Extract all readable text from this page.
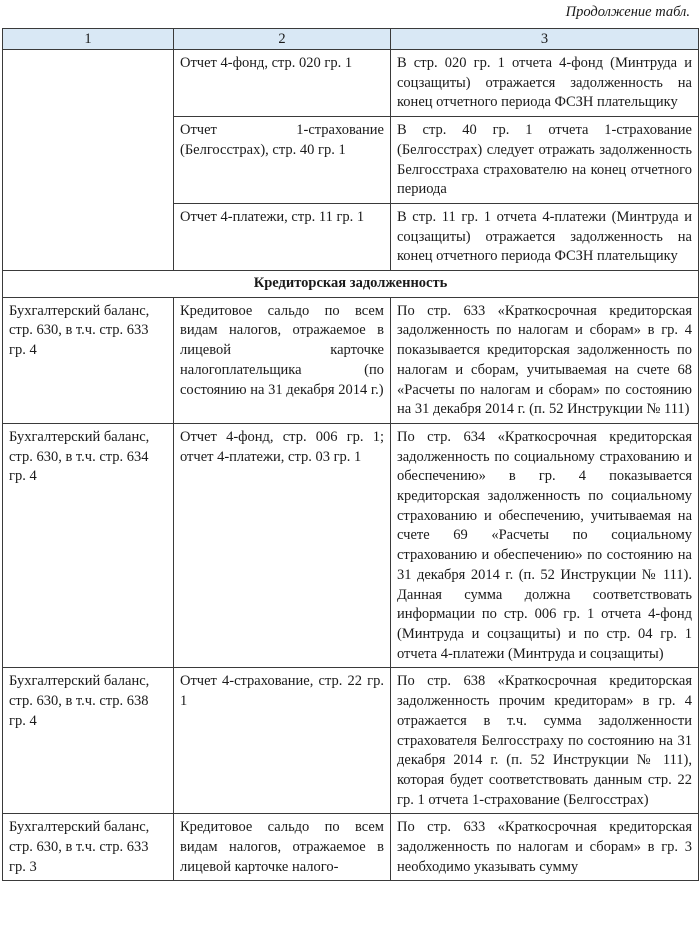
Продолжение табл.
1	2	3
	Отчет 4-фонд, стр. 020 гр. 1	В стр. 020 гр. 1 отчета 4-фонд (Минтруда и соцзащиты) отражается задолженность на конец отчетного периода ФСЗН плательщику
	Отчет 1-страхование (Белгосстрах), стр. 40 гр. 1	В стр. 40 гр. 1 отчета 1-страхование (Белгосстрах) следует отражать задолженность Белгосстраха страхователю на конец отчетного периода
	Отчет 4-платежи, стр. 11 гр. 1	В стр. 11 гр. 1 отчета 4-платежи (Минтруда и соцзащиты) отражается задолженность на конец отчетного периода ФСЗН плательщику
Кредиторская задолженность		
Бухгалтерский баланс, стр. 630, в т.ч. стр. 633 гр. 4	Кредитовое сальдо по всем видам налогов, отражаемое в лицевой карточке налогоплательщика (по состоянию на 31 декабря 2014 г.)	По стр. 633 «Краткосрочная кредиторская задолженность по налогам и сборам» в гр. 4 показывается кредиторская задолженность по налогам и сборам, учитываемая на счете 68 «Расчеты по налогам и сборам» по состоянию на 31 декабря 2014 г. (п. 52 Инструкции № 111)
Бухгалтерский баланс, стр. 630, в т.ч. стр. 634 гр. 4	Отчет 4-фонд, стр. 006 гр. 1; отчет 4-платежи, стр. 03 гр. 1	По стр. 634 «Краткосрочная кредиторская задолженность по социальному страхованию и обеспечению» в гр. 4 показывается кредиторская задолженность по социальному страхованию и обеспечению, учитываемая на счете 69 «Расчеты по социальному страхованию и обеспечению» по состоянию на 31 декабря 2014 г. (п. 52 Инструкции № 111). Данная сумма должна соответствовать информации по стр. 006 гр. 1 отчета 4-фонд (Минтруда и соцзащиты) и по стр. 04 гр. 1 отчета 4-платежи (Минтруда и соцзащиты)
Бухгалтерский баланс, стр. 630, в т.ч. стр. 638 гр. 4	Отчет 4-страхование, стр. 22 гр. 1	По стр. 638 «Краткосрочная кредиторская задолженность прочим кредиторам» в гр. 4 отражается в т.ч. сумма задолженности страхователя Белгосстраху по состоянию на 31 декабря 2014 г. (п. 52 Инструкции № 111), которая будет соответствовать данным стр. 22 гр. 1 отчета 1-страхование (Белгосстрах)
Бухгалтерский баланс, стр. 630, в т.ч. стр. 633 гр. 3	Кредитовое сальдо по всем видам налогов, отражаемое в лицевой карточке налого-	По стр. 633 «Краткосрочная кредиторская задолженность по налогам и сборам» в гр. 3 необходимо указывать сумму
